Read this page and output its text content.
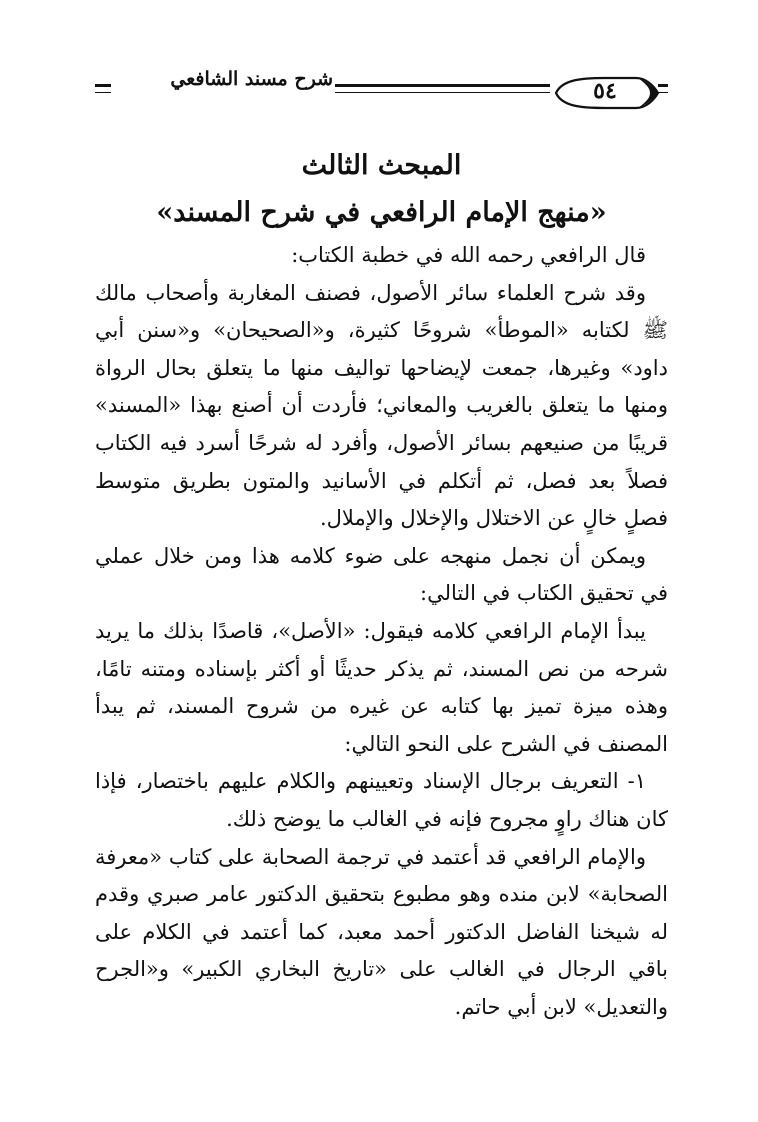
شرح مسند الشافعي	٥٤
المبحث الثالث
«منهج الإمام الرافعي في شرح المسند»

قال الرافعي رحمه الله في خطبة الكتاب:

وقد شرح العلماء سائر الأصول، فصنف المغاربة وأصحاب مالك ﷺ لكتابه «الموطأ» شروحًا كثيرة، و«الصحيحان» و«سنن أبي داود» وغيرها، جمعت لإيضاحها تواليف منها ما يتعلق بحال الرواة ومنها ما يتعلق بالغريب والمعاني؛ فأردت أن أصنع بهذا «المسند» قريبًا من صنيعهم بسائر الأصول، وأفرد له شرحًا أسرد فيه الكتاب فصلاً بعد فصل، ثم أتكلم في الأسانيد والمتون بطريق متوسط فصلٍ خالٍ عن الاختلال والإخلال والإملال.

ويمكن أن نجمل منهجه على ضوء كلامه هذا ومن خلال عملي في تحقيق الكتاب في التالي:

يبدأ الإمام الرافعي كلامه فيقول: «الأصل»، قاصدًا بذلك ما يريد شرحه من نص المسند، ثم يذكر حديثًا أو أكثر بإسناده ومتنه تامًا، وهذه ميزة تميز بها كتابه عن غيره من شروح المسند، ثم يبدأ المصنف في الشرح على النحو التالي:

١- التعريف برجال الإسناد وتعيينهم والكلام عليهم باختصار، فإذا كان هناك راوٍ مجروح فإنه في الغالب ما يوضح ذلك.

والإمام الرافعي قد أعتمد في ترجمة الصحابة على كتاب «معرفة الصحابة» لابن منده وهو مطبوع بتحقيق الدكتور عامر صبري وقدم له شيخنا الفاضل الدكتور أحمد معبد، كما أعتمد في الكلام على باقي الرجال في الغالب على «تاريخ البخاري الكبير» و«الجرح والتعديل» لابن أبي حاتم.
